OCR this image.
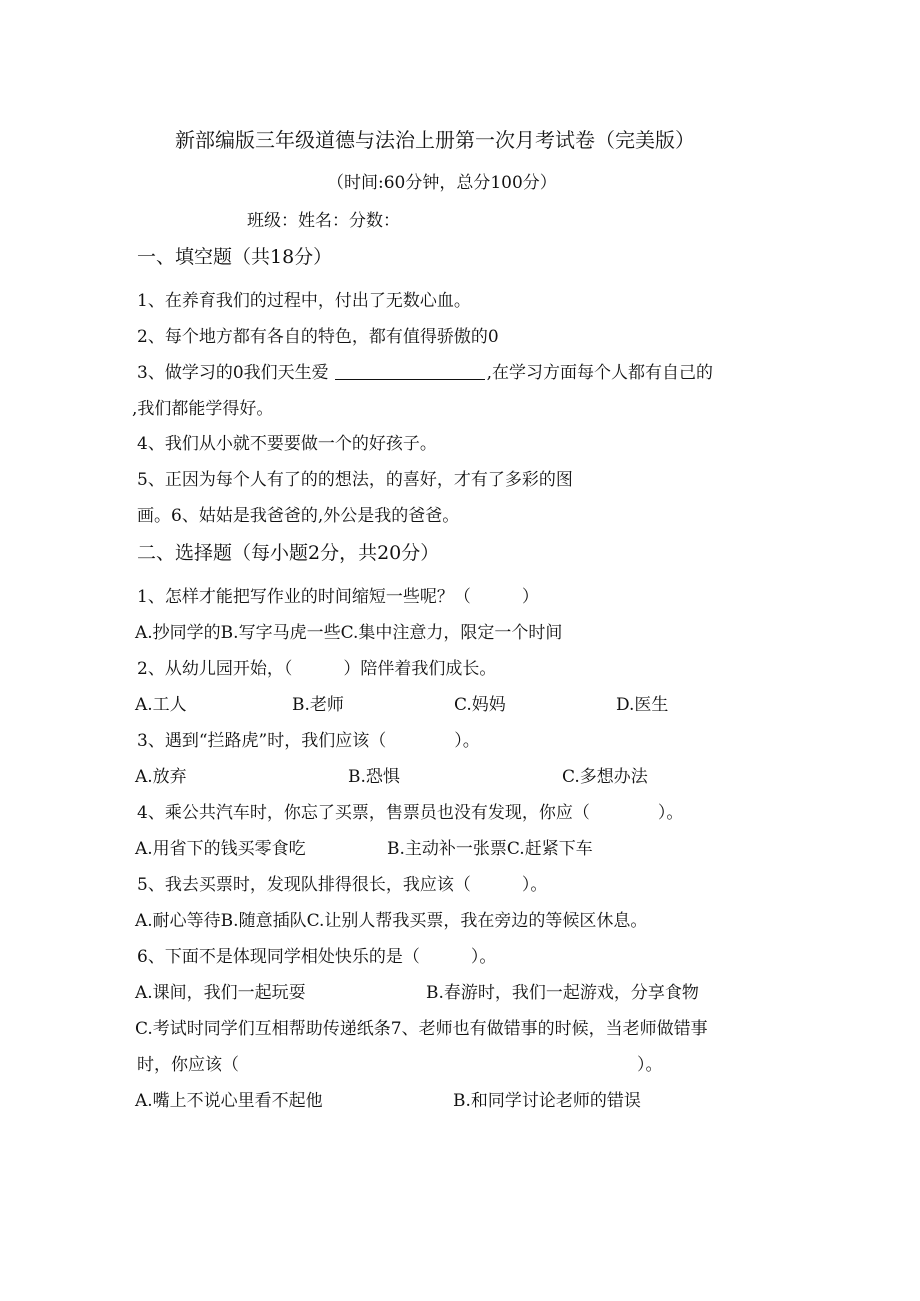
新部编版三年级道德与法治上册第一次月考试卷（完美版）
（时间:60分钟，总分100分）
班级：姓名：分数：
一、填空题（共18分）
1、在养育我们的过程中，付出了无数心血。
2、每个地方都有各自的特色，都有值得骄傲的0
3、做学习的0我们天生爱	,在学习方面每个人都有自己的
,我们都能学得好。
4、我们从小就不要要做一个的好孩子。
5、正因为每个人有了的的想法，的喜好，才有了多彩的图
画。6、姑姑是我爸爸的,外公是我的爸爸。
二、选择题（每小题2分，共20分）
1、怎样才能把写作业的时间缩短一些呢？（　　　）
A.抄同学的B.写字马虎一些C.集中注意力，限定一个时间
2、从幼儿园开始，（　　　）陪伴着我们成长。
A.工人	B.老师	C.妈妈	D.医生
3、遇到“拦路虎”时，我们应该（　　　　）。
A.放弃	B.恐惧	C.多想办法
4、乘公共汽车时，你忘了买票，售票员也没有发现，你应（　　　　）。
A.用省下的钱买零食吃	B.主动补一张票C.赶紧下车
5、我去买票时，发现队排得很长，我应该（　　　）。
A.耐心等待B.随意插队C.让别人帮我买票，我在旁边的等候区休息。
6、下面不是体现同学相处快乐的是（　　　）。
A.课间，我们一起玩耍	B.春游时，我们一起游戏，分享食物
C.考试时同学们互相帮助传递纸条7、老师也有做错事的时候，当老师做错事
时，你应该（	）。
A.嘴上不说心里看不起他	B.和同学讨论老师的错误
